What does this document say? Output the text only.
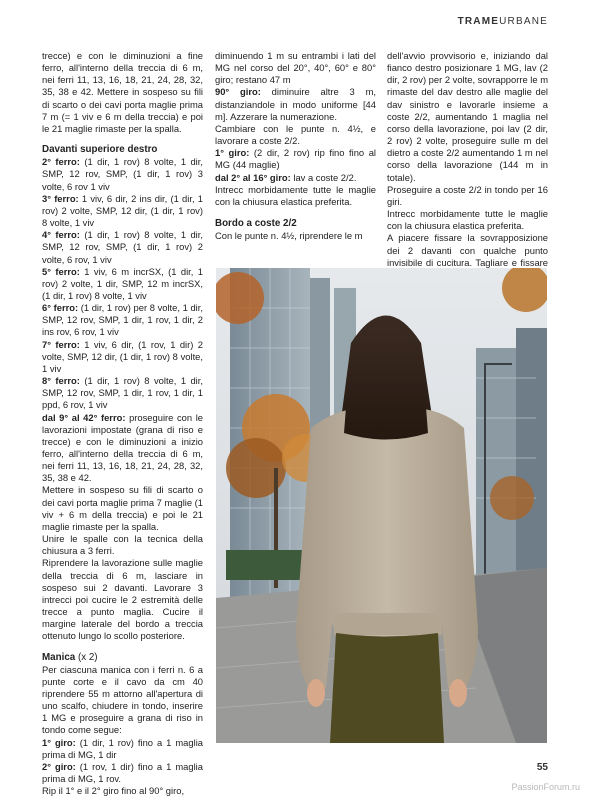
TRAMEURBANE

trecce) e con le diminuzioni a fine ferro, all'interno della treccia di 6 m, nei ferri 11, 13, 16, 18, 21, 24, 28, 32, 35, 38 e 42. Mettere in sospeso su fili di scarto o dei cavi porta maglie prima 7 m (= 1 viv e 6 m della treccia) e poi le 21 maglie rimaste per la spalla.

Davanti superiore destro

2° ferro: (1 dir, 1 rov) 8 volte, 1 dir, SMP, 12 rov, SMP, (1 dir, 1 rov) 3 volte, 6 rov 1 viv

3° ferro: 1 viv, 6 dir, 2 ins dir, (1 dir, 1 rov) 2 volte, SMP, 12 dir, (1 dir, 1 rov) 8 volte, 1 viv

4° ferro: (1 dir, 1 rov) 8 volte, 1 dir, SMP, 12 rov, SMP, (1 dir, 1 rov) 2 volte, 6 rov, 1 viv

5° ferro: 1 viv, 6 m incrSX, (1 dir, 1 rov) 2 volte, 1 dir, SMP, 12 m incrSX, (1 dir, 1 rov) 8 volte, 1 viv

6° ferro: (1 dir, 1 rov) per 8 volte, 1 dir, SMP, 12 rov, SMP, 1 dir, 1 rov, 1 dir, 2 ins rov, 6 rov, 1 viv

7° ferro: 1 viv, 6 dir, (1 rov, 1 dir) 2 volte, SMP, 12 dir, (1 dir, 1 rov) 8 volte, 1 viv

8° ferro: (1 dir, 1 rov) 8 volte, 1 dir, SMP, 12 rov, SMP, 1 dir, 1 rov, 1 dir, 1 ppd, 6 rov, 1 viv

dal 9° al 42° ferro: proseguire con le lavorazioni impostate (grana di riso e trecce) e con le diminuzioni a inizio ferro, all'interno della treccia di 6 m, nei ferri 11, 13, 16, 18, 21, 24, 28, 32, 35, 38 e 42.

Mettere in sospeso su fili di scarto o dei cavi porta maglie prima 7 maglie (1 viv + 6 m della treccia) e poi le 21 maglie rimaste per la spalla.

Unire le spalle con la tecnica della chiusura a 3 ferri.

Riprendere la lavorazione sulle maglie della treccia di 6 m, lasciare in sospeso sui 2 davanti. Lavorare 3 intrecci poi cucire le 2 estremità delle trecce a punto maglia. Cucire il margine laterale del bordo a treccia ottenuto lungo lo scollo posteriore.

Manica (x 2)

Per ciascuna manica con i ferri n. 6 a punte corte e il cavo da cm 40 riprendere 55 m attorno all'apertura di uno scalfo, chiudere in tondo, inserire 1 MG e proseguire a grana di riso in tondo come segue:

1° giro: (1 dir, 1 rov) fino a 1 maglia prima di MG, 1 dir

2° giro: (1 rov, 1 dir) fino a 1 maglia prima di MG, 1 rov.

Rip il 1° e il 2° giro fino al 90° giro,

diminuendo 1 m su entrambi i lati del MG nel corso del 20°, 40°, 60° e 80° giro; restano 47 m

90° giro: diminuire altre 3 m, distanziandole in modo uniforme [44 m]. Azzerare la numerazione.

Cambiare con le punte n. 4½, e lavorare a coste 2/2.

1° giro: (2 dir, 2 rov) rip fino fino al MG (44 maglie)

dal 2° al 16° giro: lav a coste 2/2.

Intrecc morbidamente tutte le maglie con la chiusura elastica preferita.

Bordo a coste 2/2

Con le punte n. 4½, riprendere le m

dell'avvio provvisorio e, iniziando dal fianco destro posizionare 1 MG, lav (2 dir, 2 rov) per 2 volte, sovrapporre le m rimaste del dav destro alle maglie del dav sinistro e lavorarle insieme a coste 2/2, aumentando 1 maglia nel corso della lavorazione, poi lav (2 dir, 2 rov) 2 volte, proseguire sulle m del dietro a coste 2/2 aumentando 1 m nel corso della lavorazione (144 m in totale).

Proseguire a coste 2/2 in tondo per 16 giri.

Intrecc morbidamente tutte le maglie con la chiusura elastica preferita.

A piacere fissare la sovrapposizione dei 2 davanti con qualche punto invisibile di cucitura. Tagliare e fissare

55
PassionForum.ru
